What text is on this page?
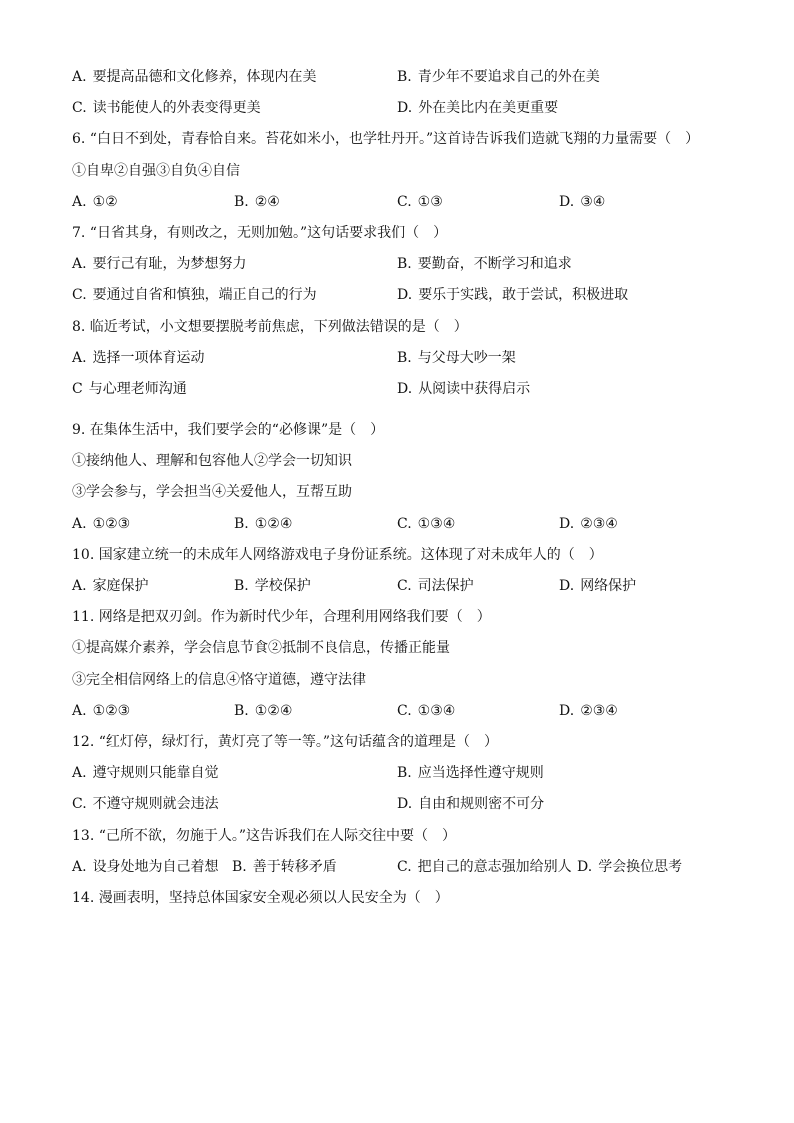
A. 要提高品德和文化修养，体现内在美	B. 青少年不要追求自己的外在美
C. 读书能使人的外表变得更美	D. 外在美比内在美更重要
6. “白日不到处，青春恰自来。苔花如米小，也学牡丹开。”这首诗告诉我们造就飞翔的力量需要（　）
①自卑②自强③自负④自信
A. ①②	B. ②④	C. ①③	D. ③④
7. “日省其身，有则改之，无则加勉。”这句话要求我们（　）
A. 要行己有耻，为梦想努力	B. 要勤奋，不断学习和追求
C. 要通过自省和慎独，端正自己的行为	D. 要乐于实践，敢于尝试，积极进取
8. 临近考试，小文想要摆脱考前焦虑，下列做法错误的是（　）
A. 选择一项体育运动	B. 与父母大吵一架
C 与心理老师沟通	D. 从阅读中获得启示
9. 在集体生活中，我们要学会的“必修课”是（　）
①接纳他人、理解和包容他人②学会一切知识
③学会参与，学会担当④关爱他人，互帮互助
A. ①②③	B. ①②④	C. ①③④	D. ②③④
10. 国家建立统一的未成年人网络游戏电子身份证系统。这体现了对未成年人的（　）
A. 家庭保护	B. 学校保护	C. 司法保护	D. 网络保护
11. 网络是把双刃剑。作为新时代少年，合理利用网络我们要（　）
①提高媒介素养，学会信息节食②抵制不良信息，传播正能量
③完全相信网络上的信息④恪守道德，遵守法律
A. ①②③	B. ①②④	C. ①③④	D. ②③④
12. “红灯停，绿灯行，黄灯亮了等一等。”这句话蕴含的道理是（　）
A. 遵守规则只能靠自觉	B. 应当选择性遵守规则
C. 不遵守规则就会违法	D. 自由和规则密不可分
13. “己所不欲，勿施于人。”这告诉我们在人际交往中要（　）
A. 设身处地为自己着想 B. 善于转移矛盾	C. 把自己的意志强加给别人 D. 学会换位思考
14. 漫画表明，坚持总体国家安全观必须以人民安全为（　）
